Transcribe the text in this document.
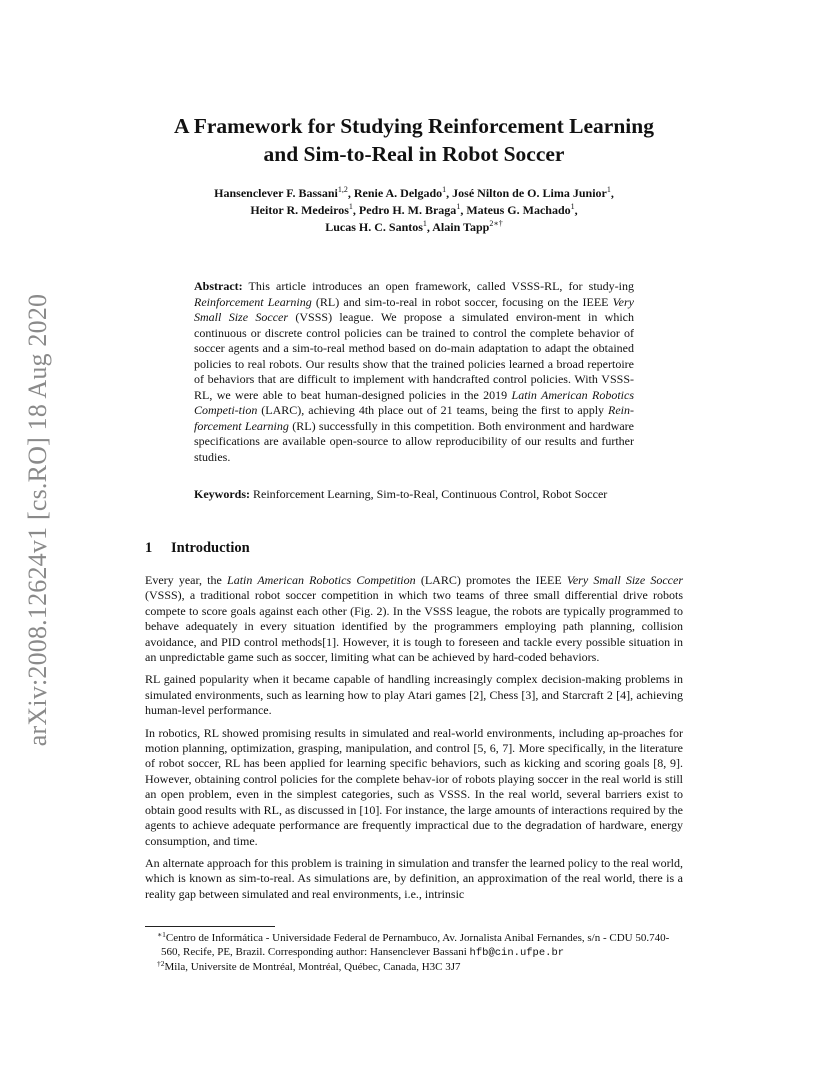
arXiv:2008.12624v1 [cs.RO] 18 Aug 2020
A Framework for Studying Reinforcement Learning
and Sim-to-Real in Robot Soccer
Hansenclever F. Bassani$^{1,2}$, Renie A. Delgado$^1$, José Nilton de O. Lima Junior$^1$,
Heitor R. Medeiros$^1$, Pedro H. M. Braga$^1$, Mateus G. Machado$^1$,
Lucas H. C. Santos$^1$, Alain Tapp$^{2∗\dagger}$
Abstract: This article introduces an open framework, called VSSS-RL, for study-ing Reinforcement Learning (RL) and sim-to-real in robot soccer, focusing on the IEEE Very Small Size Soccer (VSSS) league. We propose a simulated environ-ment in which continuous or discrete control policies can be trained to control the complete behavior of soccer agents and a sim-to-real method based on do-main adaptation to adapt the obtained policies to real robots. Our results show that the trained policies learned a broad repertoire of behaviors that are difficult to implement with handcrafted control policies. With VSSS-RL, we were able to beat human-designed policies in the 2019 Latin American Robotics Competi-tion (LARC), achieving 4th place out of 21 teams, being the first to apply Rein-forcement Learning (RL) successfully in this competition. Both environment and hardware specifications are available open-source to allow reproducibility of our results and further studies.
Keywords: Reinforcement Learning, Sim-to-Real, Continuous Control, Robot Soccer
1 Introduction

Every year, the Latin American Robotics Competition (LARC) promotes the IEEE Very Small Size Soccer (VSSS), a traditional robot soccer competition in which two teams of three small differential drive robots compete to score goals against each other (Fig. 2). In the VSSS league, the robots are typically programmed to behave adequately in every situation identified by the programmers employing path planning, collision avoidance, and PID control methods[1]. However, it is tough to foreseen and tackle every possible situation in an unpredictable game such as soccer, limiting what can be achieved by hard-coded behaviors.

RL gained popularity when it became capable of handling increasingly complex decision-making problems in simulated environments, such as learning how to play Atari games [2], Chess [3], and Starcraft 2 [4], achieving human-level performance.

In robotics, RL showed promising results in simulated and real-world environments, including ap-proaches for motion planning, optimization, grasping, manipulation, and control [5, 6, 7]. More specifically, in the literature of robot soccer, RL has been applied for learning specific behaviors, such as kicking and scoring goals [8, 9]. However, obtaining control policies for the complete behav-ior of robots playing soccer in the real world is still an open problem, even in the simplest categories, such as VSSS. In the real world, several barriers exist to obtain good results with RL, as discussed in [10]. For instance, the large amounts of interactions required by the agents to achieve adequate performance are frequently impractical due to the degradation of hardware, energy consumption, and time.

An alternate approach for this problem is training in simulation and transfer the learned policy to the real world, which is known as sim-to-real. As simulations are, by definition, an approximation of the real world, there is a reality gap between simulated and real environments, i.e., intrinsic

$^{∗1}$Centro de Informática - Universidade Federal de Pernambuco, Av. Jornalista Anibal Fernandes, s/n - CDU 50.740-560, Recife, PE, Brazil. Corresponding author: Hansenclever Bassani hfb@cin.ufpe.br

$^{\dagger 2}$Mila, Universite de Montréal, Montréal, Québec, Canada, H3C 3J7
